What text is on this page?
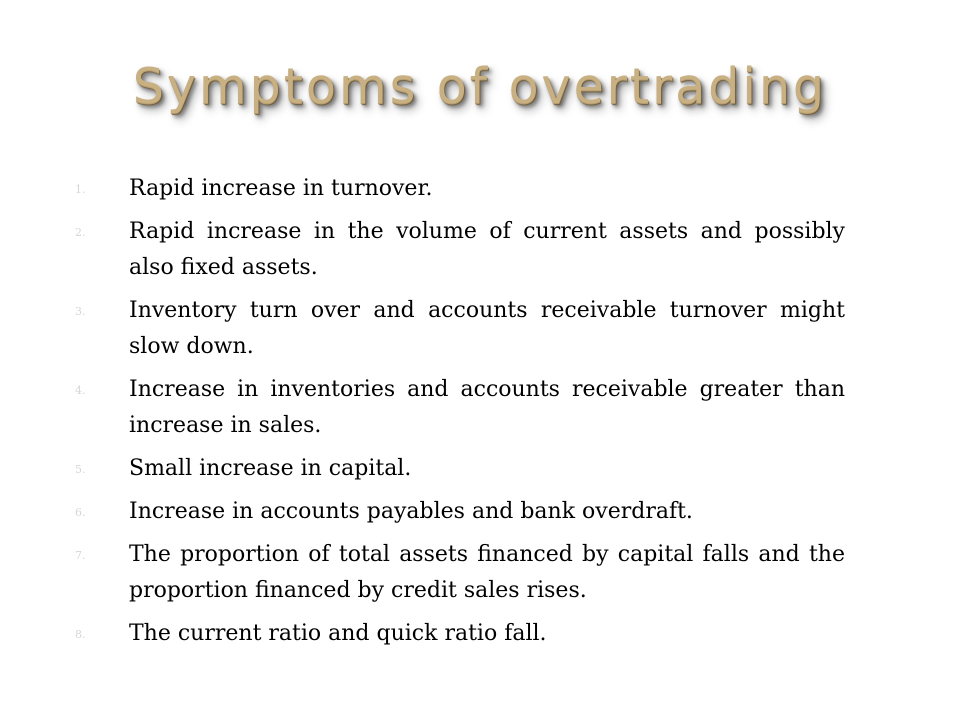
Symptoms of overtrading
1.	Rapid increase in turnover.
2.	Rapid increase in the volume of current assets and possibly also fixed assets.
3.	Inventory turn over and accounts receivable turnover might slow down.
4.	Increase in inventories and accounts receivable greater than increase in sales.
5.	Small increase in capital.
6.	Increase in accounts payables and bank overdraft.
7.	The proportion of total assets financed by capital falls and the proportion financed by credit sales rises.
8.	The current ratio and quick ratio fall.
